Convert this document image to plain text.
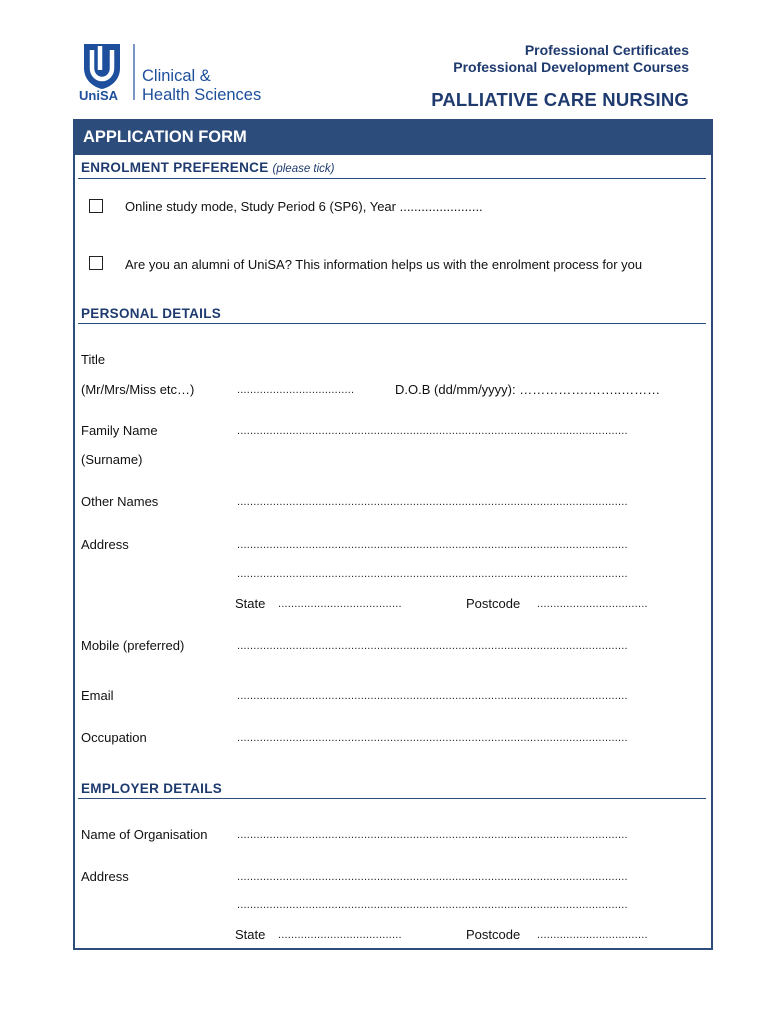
UniSA
Clinical &
Health Sciences
Professional Certificates
Professional Development Courses
PALLIATIVE CARE NURSING
APPLICATION FORM
ENROLMENT PREFERENCE (please tick)
Online study mode, Study Period 6 (SP6), Year .......................
Are you an alumni of UniSA? This information helps us with the enrolment process for you
PERSONAL DETAILS
Title
(Mr/Mrs/Miss etc…)	....................................	D.O.B (dd/mm/yyyy): …………….……..………
Family Name	........................................................................................................................
(Surname)
Other Names	........................................................................................................................
Address	........................................................................................................................
........................................................................................................................
State ......................................	Postcode ..................................
Mobile (preferred)	........................................................................................................................
Email	........................................................................................................................
Occupation	........................................................................................................................
EMPLOYER DETAILS
Name of Organisation	........................................................................................................................
Address	........................................................................................................................
........................................................................................................................
State ......................................	Postcode ..................................
